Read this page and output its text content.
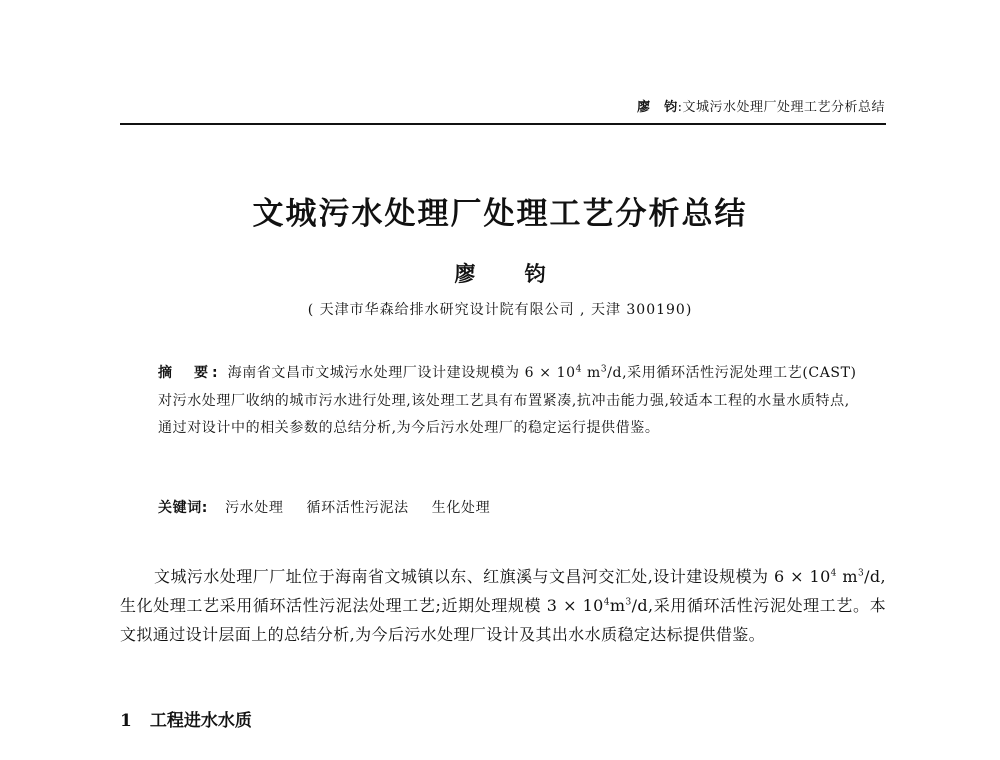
廖　钧:文城污水处理厂处理工艺分析总结
文城污水处理厂处理工艺分析总结
廖　钧
( 天津市华森给排水研究设计院有限公司 , 天津 300190)
摘　要: 海南省文昌市文城污水处理厂设计建设规模为 $6 \times 10^4$ $m^3/d$,采用循环活性污泥处理工艺(CAST)对污水处理厂收纳的城市污水进行处理,该处理工艺具有布置紧凑,抗冲击能力强,较适本工程的水量水质特点,通过对设计中的相关参数的总结分析,为今后污水处理厂的稳定运行提供借鉴。
关键词: 污水处理 循环活性污泥法 生化处理
文城污水处理厂厂址位于海南省文城镇以东、红旗溪与文昌河交汇处,设计建设规模为 $6 \times 10^4$ $m^3/d$,生化处理工艺采用循环活性污泥法处理工艺;近期处理规模 $3 \times 10^4m^3/d$,采用循环活性污泥处理工艺。本文拟通过设计层面上的总结分析,为今后污水处理厂设计及其出水水质稳定达标提供借鉴。
1 工程进水水质
